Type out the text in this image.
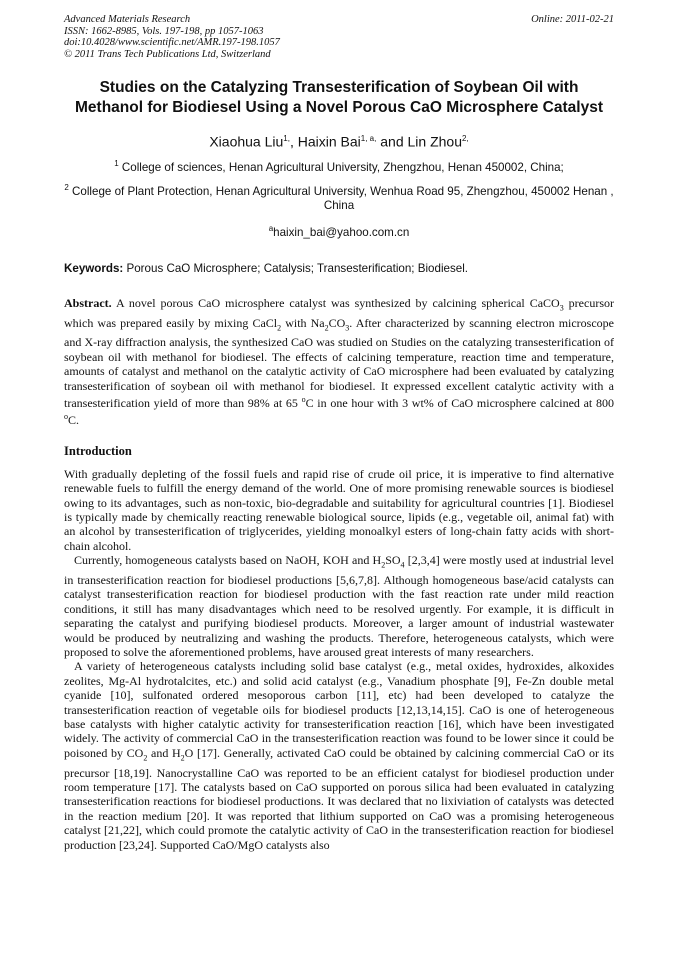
Advanced Materials Research
ISSN: 1662-8985, Vols. 197-198, pp 1057-1063
doi:10.4028/www.scientific.net/AMR.197-198.1057
© 2011 Trans Tech Publications Ltd, Switzerland
Online: 2011-02-21
Studies on the Catalyzing Transesterification of Soybean Oil with
Methanol for Biodiesel Using a Novel Porous CaO Microsphere Catalyst
Xiaohua Liu$^{1,}$, Haixin Bai$^{1, a,}$ and Lin Zhou$^{2,}$
$^1$ College of sciences, Henan Agricultural University, Zhengzhou, Henan 450002, China;
$^2$ College of Plant Protection, Henan Agricultural University, Wenhua Road 95, Zhengzhou, 450002 Henan , China
$^a$haixin_bai@yahoo.com.cn
Keywords: Porous CaO Microsphere; Catalysis; Transesterification; Biodiesel.
Abstract. A novel porous CaO microsphere catalyst was synthesized by calcining spherical CaCO$_3$ precursor which was prepared easily by mixing CaCl$_2$ with $Na_2CO_3$. After characterized by scanning electron microscope and X-ray diffraction analysis, the synthesized CaO was studied on Studies on the catalyzing transesterification of soybean oil with methanol for biodiesel. The effects of calcining temperature, reaction time and temperature, amounts of catalyst and methanol on the catalytic activity of CaO microsphere had been evaluated by catalyzing transesterification of soybean oil with methanol for biodiesel. It expressed excellent catalytic activity with a transesterification yield of more than 98% at 65 $^o$C in one hour with 3 wt% of CaO microsphere calcined at 800 $^o$C.
Introduction
With gradually depleting of the fossil fuels and rapid rise of crude oil price, it is imperative to find alternative renewable fuels to fulfill the energy demand of the world. One of more promising renewable sources is biodiesel owing to its advantages, such as non-toxic, bio-degradable and suitability for agricultural countries [1]. Biodiesel is typically made by chemically reacting renewable biological source, lipids (e.g., vegetable oil, animal fat) with an alcohol by transesterification of triglycerides, yielding monoalkyl esters of long-chain fatty acids with short-chain alcohol.
Currently, homogeneous catalysts based on NaOH, KOH and $H_2SO_4$ [2,3,4] were mostly used at industrial level in transesterification reaction for biodiesel productions [5,6,7,8]. Although homogeneous base/acid catalysts can catalyst transesterification reaction for biodiesel production with the fast reaction rate under mild reaction conditions, it still has many disadvantages which need to be resolved urgently. For example, it is difficult in separating the catalyst and purifying biodiesel products. Moreover, a larger amount of industrial wastewater would be produced by neutralizing and washing the products. Therefore, heterogeneous catalysts, which were proposed to solve the aforementioned problems, have aroused great interests of many researchers.
A variety of heterogeneous catalysts including solid base catalyst (e.g., metal oxides, hydroxides, alkoxides zeolites, Mg-Al hydrotalcites, etc.) and solid acid catalyst (e.g., Vanadium phosphate [9], Fe-Zn double metal cyanide [10], sulfonated ordered mesoporous carbon [11], etc) had been developed to catalyze the transesterification reaction of vegetable oils for biodiesel products [12,13,14,15]. CaO is one of heterogeneous base catalysts with higher catalytic activity for transesterification reaction [16], which have been investigated widely. The activity of commercial CaO in the transesterification reaction was found to be lower since it could be poisoned by $CO_2$ and $H_2O$ [17]. Generally, activated CaO could be obtained by calcining commercial CaO or its precursor [18,19]. Nanocrystalline CaO was reported to be an efficient catalyst for biodiesel production under room temperature [17]. The catalysts based on CaO supported on porous silica had been evaluated in catalyzing transesterification reactions for biodiesel productions. It was declared that no lixiviation of catalysts was detected in the reaction medium [20]. It was reported that lithium supported on CaO was a promising heterogeneous catalyst [21,22], which could promote the catalytic activity of CaO in the transesterification reaction for biodiesel production [23,24]. Supported CaO/MgO catalysts also
